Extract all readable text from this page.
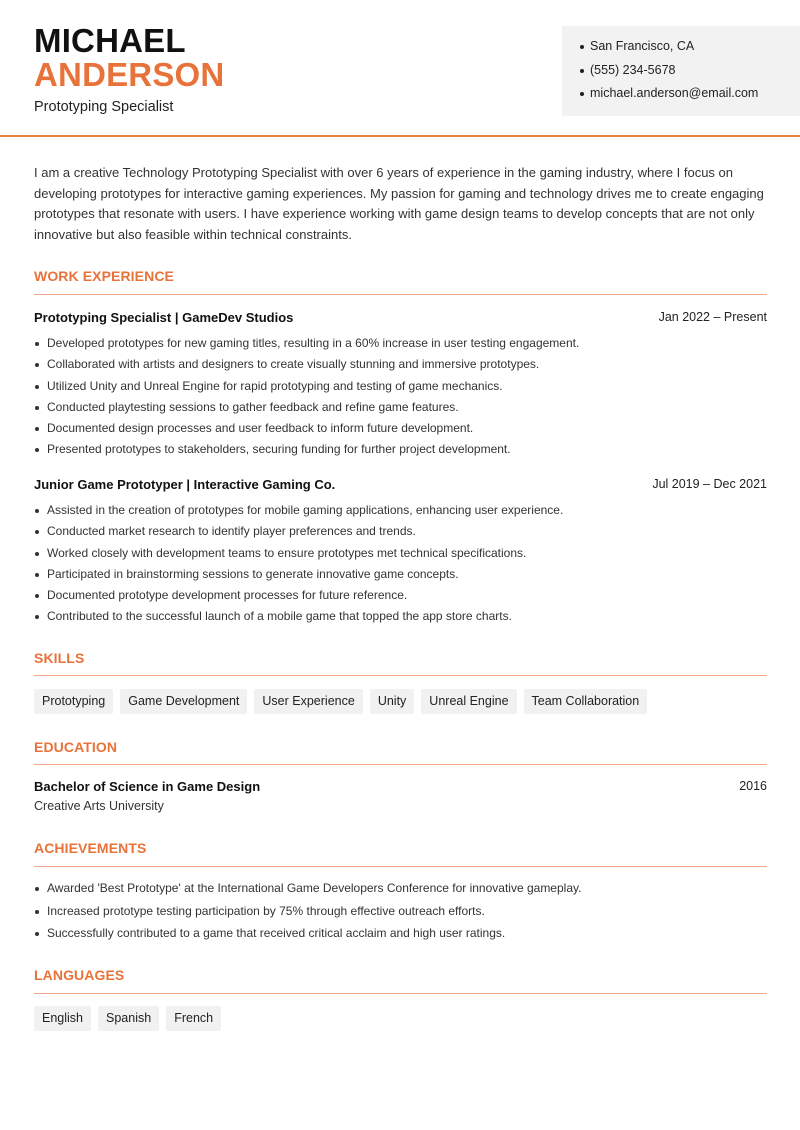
MICHAEL
ANDERSON
Prototyping Specialist
San Francisco, CA
(555) 234-5678
michael.anderson@email.com

I am a creative Technology Prototyping Specialist with over 6 years of experience in the gaming industry, where I focus on developing prototypes for interactive gaming experiences. My passion for gaming and technology drives me to create engaging prototypes that resonate with users. I have experience working with game design teams to develop concepts that are not only innovative but also feasible within technical constraints.

WORK EXPERIENCE
Prototyping Specialist | GameDev Studios	Jan 2022 – Present
Developed prototypes for new gaming titles, resulting in a 60% increase in user testing engagement.
Collaborated with artists and designers to create visually stunning and immersive prototypes.
Utilized Unity and Unreal Engine for rapid prototyping and testing of game mechanics.
Conducted playtesting sessions to gather feedback and refine game features.
Documented design processes and user feedback to inform future development.
Presented prototypes to stakeholders, securing funding for further project development.
Junior Game Prototyper | Interactive Gaming Co.	Jul 2019 – Dec 2021
Assisted in the creation of prototypes for mobile gaming applications, enhancing user experience.
Conducted market research to identify player preferences and trends.
Worked closely with development teams to ensure prototypes met technical specifications.
Participated in brainstorming sessions to generate innovative game concepts.
Documented prototype development processes for future reference.
Contributed to the successful launch of a mobile game that topped the app store charts.
SKILLS
Prototyping	Game Development	User Experience	Unity	Unreal Engine	Team Collaboration
EDUCATION
Bachelor of Science in Game Design	2016
Creative Arts University
ACHIEVEMENTS
Awarded 'Best Prototype' at the International Game Developers Conference for innovative gameplay.
Increased prototype testing participation by 75% through effective outreach efforts.
Successfully contributed to a game that received critical acclaim and high user ratings.
LANGUAGES
English	Spanish	French
